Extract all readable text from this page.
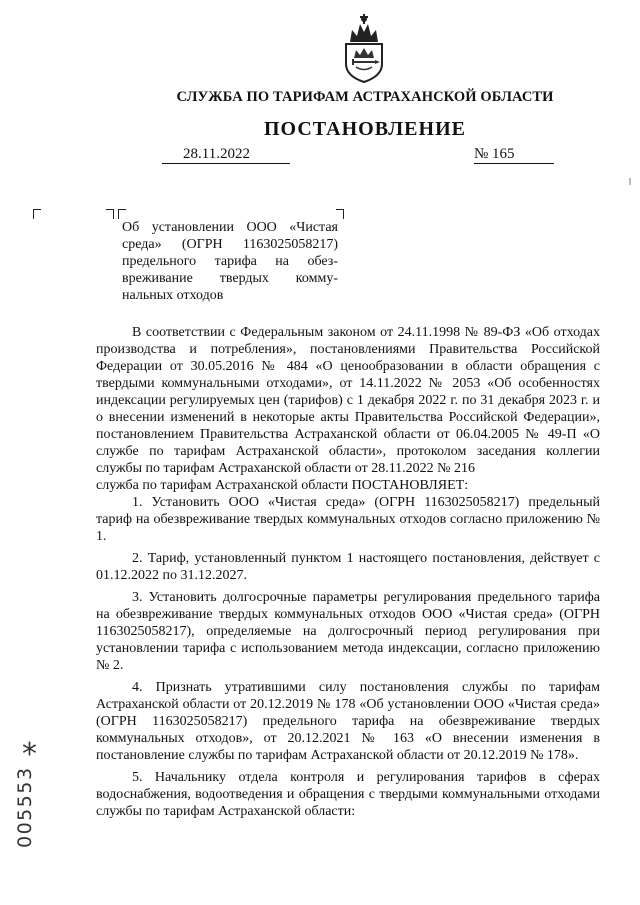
СЛУЖБА ПО ТАРИФАМ АСТРАХАНСКОЙ ОБЛАСТИ
ПОСТАНОВЛЕНИЕ
28.11.2022	№ 165

Об установлении ООО «Чистая среда» (ОГРН 1163025058217) предельного тарифа на обез-вреживание твердых комму-нальных отходов

В соответствии с Федеральным законом от 24.11.1998 № 89-ФЗ «Об отходах производства и потребления», постановлениями Правительства Российской Федерации от 30.05.2016 № 484 «О ценообразовании в области обращения с твердыми коммунальными отходами», от 14.11.2022 № 2053 «Об особенностях индексации регулируемых цен (тарифов) с 1 декабря 2022 г. по 31 декабря 2023 г. и о внесении изменений в некоторые акты Правительства Российской Федерации», постановлением Правительства Астраханской области от 06.04.2005 № 49-П «О службе по тарифам Астраханской области», протоколом заседания коллегии службы по тарифам Астраханской области от 28.11.2022 № 216

служба по тарифам Астраханской области ПОСТАНОВЛЯЕТ:

1. Установить ООО «Чистая среда» (ОГРН 1163025058217) предельный тариф на обезвреживание твердых коммунальных отходов согласно приложению № 1.

2. Тариф, установленный пунктом 1 настоящего постановления, действует с 01.12.2022 по 31.12.2027.

3. Установить долгосрочные параметры регулирования предельного тарифа на обезвреживание твердых коммунальных отходов ООО «Чистая среда» (ОГРН 1163025058217), определяемые на долгосрочный период регулирования при установлении тарифа с использованием метода индексации, согласно приложению № 2.

4. Признать утратившими силу постановления службы по тарифам Астраханской области от 20.12.2019 № 178 «Об установлении ООО «Чистая среда» (ОГРН 1163025058217) предельного тарифа на обезвреживание твердых коммунальных отходов», от 20.12.2021 № 163 «О внесении изменения в постановление службы по тарифам Астраханской области от 20.12.2019 № 178».

5. Начальнику отдела контроля и регулирования тарифов в сферах водоснабжения, водоотведения и обращения с твердыми коммунальными отходами службы по тарифам Астраханской области:

*
005553
